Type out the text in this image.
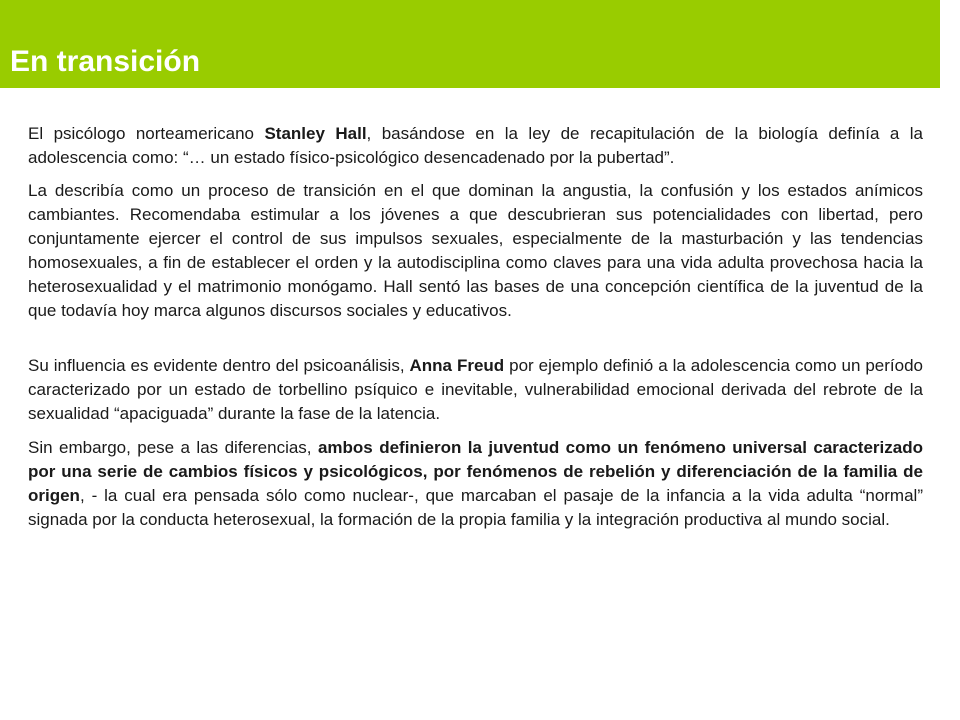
En transición

El psicólogo norteamericano Stanley Hall, basándose en la ley de recapitulación de la biología definía a la adolescencia como: “… un estado físico-psicológico desencadenado por la pubertad”.

La describía como un proceso de transición en el que dominan la angustia, la confusión y los estados anímicos cambiantes. Recomendaba estimular a los jóvenes a que descubrieran sus potencialidades con libertad, pero conjuntamente ejercer el control de sus impulsos sexuales, especialmente de la masturbación y las tendencias homosexuales, a fin de establecer el orden y la autodisciplina como claves para una vida adulta provechosa hacia la heterosexualidad y el matrimonio monógamo. Hall sentó las bases de una concepción científica de la juventud de la que todavía hoy marca algunos discursos sociales y educativos.

Su influencia es evidente dentro del psicoanálisis, Anna Freud por ejemplo definió a la adolescencia como un período caracterizado por un estado de torbellino psíquico e inevitable, vulnerabilidad emocional derivada del rebrote de la sexualidad “apaciguada” durante la fase de la latencia.

Sin embargo, pese a las diferencias, ambos definieron la juventud como un fenómeno universal caracterizado por una serie de cambios físicos y psicológicos, por fenómenos de rebelión y diferenciación de la familia de origen, - la cual era pensada sólo como nuclear-, que marcaban el pasaje de la infancia a la vida adulta “normal” signada por la conducta heterosexual, la formación de la propia familia y la integración productiva al mundo social.
